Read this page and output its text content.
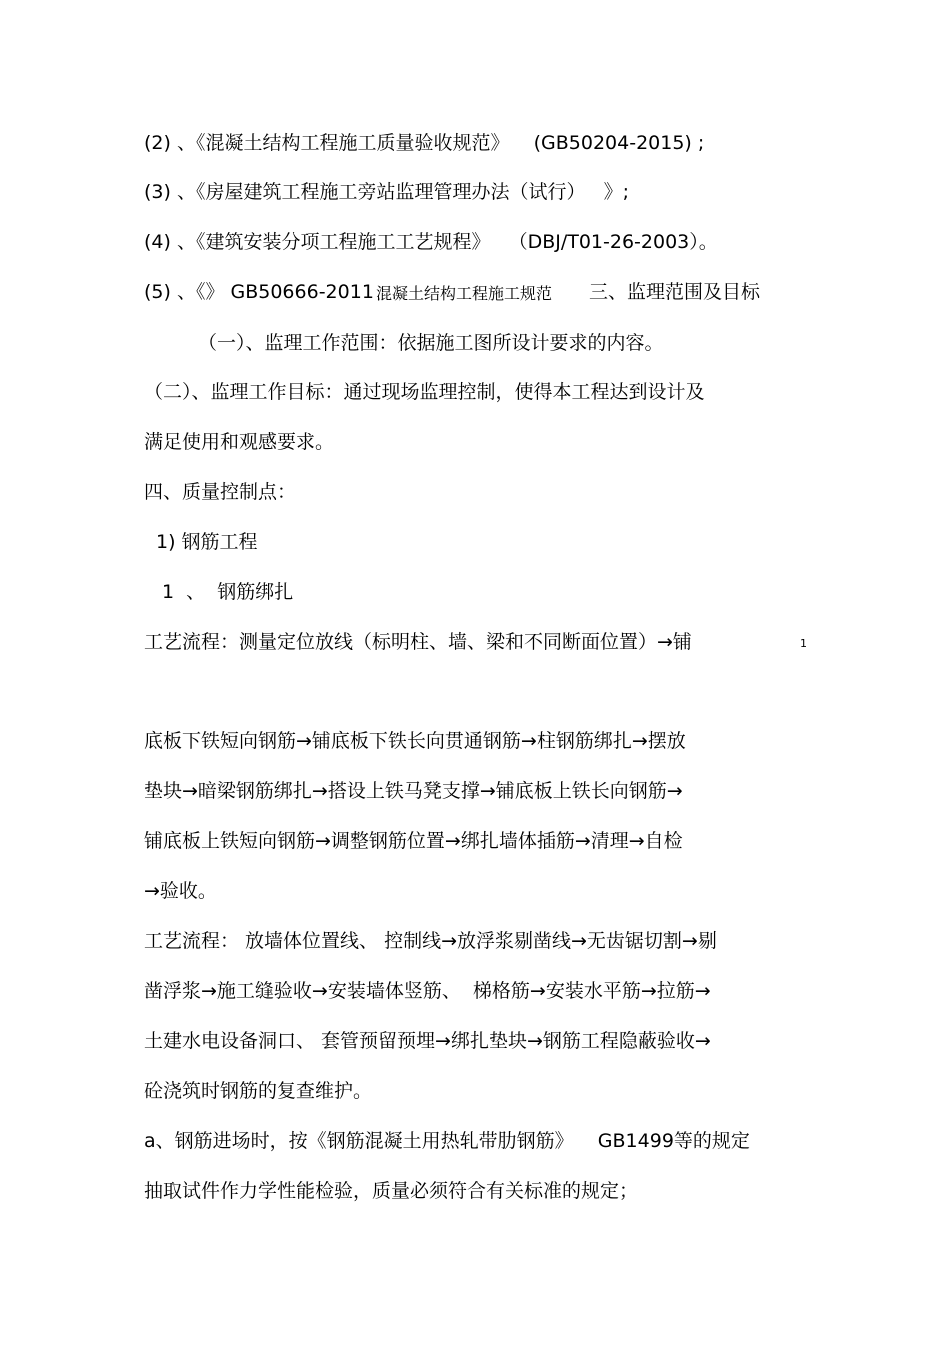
(2) 、《混凝土结构工程施工质量验收规范》    (GB50204-2015) ;
(3) 、《房屋建筑工程施工旁站监理管理办法（试行）   》;
(4) 、《建筑安装分项工程施工工艺规程》   （DBJ/T01-26-2003）。
(5) 、《》 GB50666-2011 混凝土结构工程施工规范 三、监理范围及目标
（一）、监理工作范围：依据施工图所设计要求的内容。
（二）、监理工作目标：通过现场监理控制，使得本工程达到设计及
满足使用和观感要求。
四、质量控制点：
1) 钢筋工程
1  、  钢筋绑扎
工艺流程：测量定位放线（标明柱、墙、梁和不同断面位置）→铺	1
底板下铁短向钢筋→铺底板下铁长向贯通钢筋→柱钢筋绑扎→摆放
垫块→暗梁钢筋绑扎→搭设上铁马凳支撑→铺底板上铁长向钢筋→
铺底板上铁短向钢筋→调整钢筋位置→绑扎墙体插筋→清理→自检
→验收。
工艺流程： 放墙体位置线、 控制线→放浮浆剔凿线→无齿锯切割→剔
凿浮浆→施工缝验收→安装墙体竖筋、  梯格筋→安装水平筋→拉筋→
土建水电设备洞口、 套管预留预埋→绑扎垫块→钢筋工程隐蔽验收→
砼浇筑时钢筋的复查维护。
a、钢筋进场时，按《钢筋混凝土用热轧带肋钢筋》    GB1499等的规定
抽取试件作力学性能检验，质量必须符合有关标准的规定；
